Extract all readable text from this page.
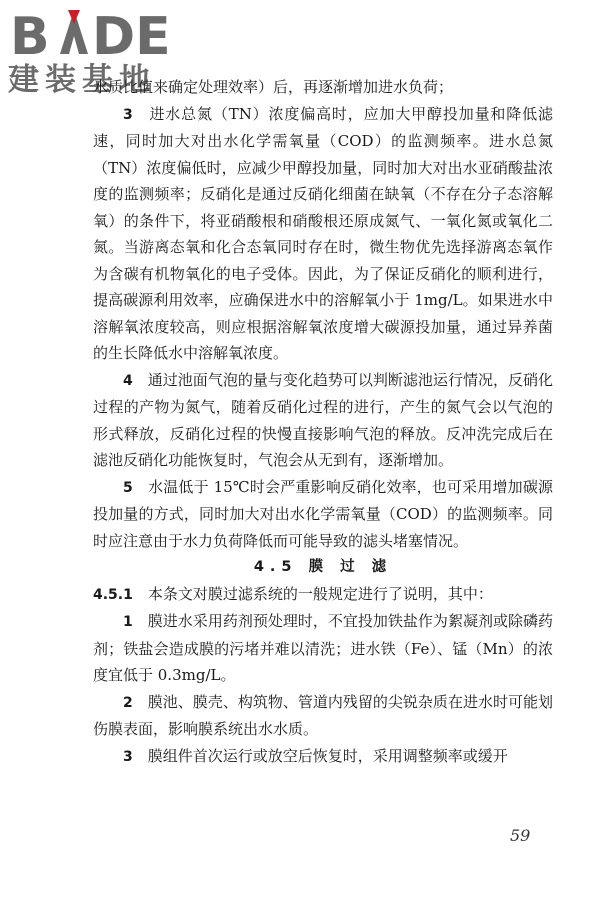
B DE
建装基地

水质比值来确定处理效率）后，再逐渐增加进水负荷；

3　 进水总氮（TN）浓度偏高时，应加大甲醇投加量和降低滤速，同时加大对出水化学需氧量（COD）的监测频率。进水总氮（TN）浓度偏低时，应减少甲醇投加量，同时加大对出水亚硝酸盐浓度的监测频率；反硝化是通过反硝化细菌在缺氧（不存在分子态溶解氧）的条件下，将亚硝酸根和硝酸根还原成氮气、一氧化氮或氧化二氮。当游离态氧和化合态氧同时存在时，微生物优先选择游离态氧作为含碳有机物氧化的电子受体。因此，为了保证反硝化的顺利进行，提高碳源利用效率，应确保进水中的溶解氧小于 1mg/L。如果进水中溶解氧浓度较高，则应根据溶解氧浓度增大碳源投加量，通过异养菌的生长降低水中溶解氧浓度。

4　 通过池面气泡的量与变化趋势可以判断滤池运行情况，反硝化过程的产物为氮气，随着反硝化过程的进行，产生的氮气会以气泡的形式释放，反硝化过程的快慢直接影响气泡的释放。反冲洗完成后在滤池反硝化功能恢复时，气泡会从无到有，逐渐增加。

5　 水温低于 15℃时会严重影响反硝化效率，也可采用增加碳源投加量的方式，同时加大对出水化学需氧量（COD）的监测频率。同时应注意由于水力负荷降低而可能导致的滤头堵塞情况。

4.5 膜 过 滤

4.5.1　 本条文对膜过滤系统的一般规定进行了说明，其中：

1　 膜进水采用药剂预处理时，不宜投加铁盐作为絮凝剂或除磷药剂；铁盐会造成膜的污堵并难以清洗；进水铁（Fe）、锰（Mn）的浓度宜低于 0.3mg/L。

2　 膜池、膜壳、构筑物、管道内残留的尖锐杂质在进水时可能划伤膜表面，影响膜系统出水水质。

3　 膜组件首次运行或放空后恢复时，采用调整频率或缓开

59
